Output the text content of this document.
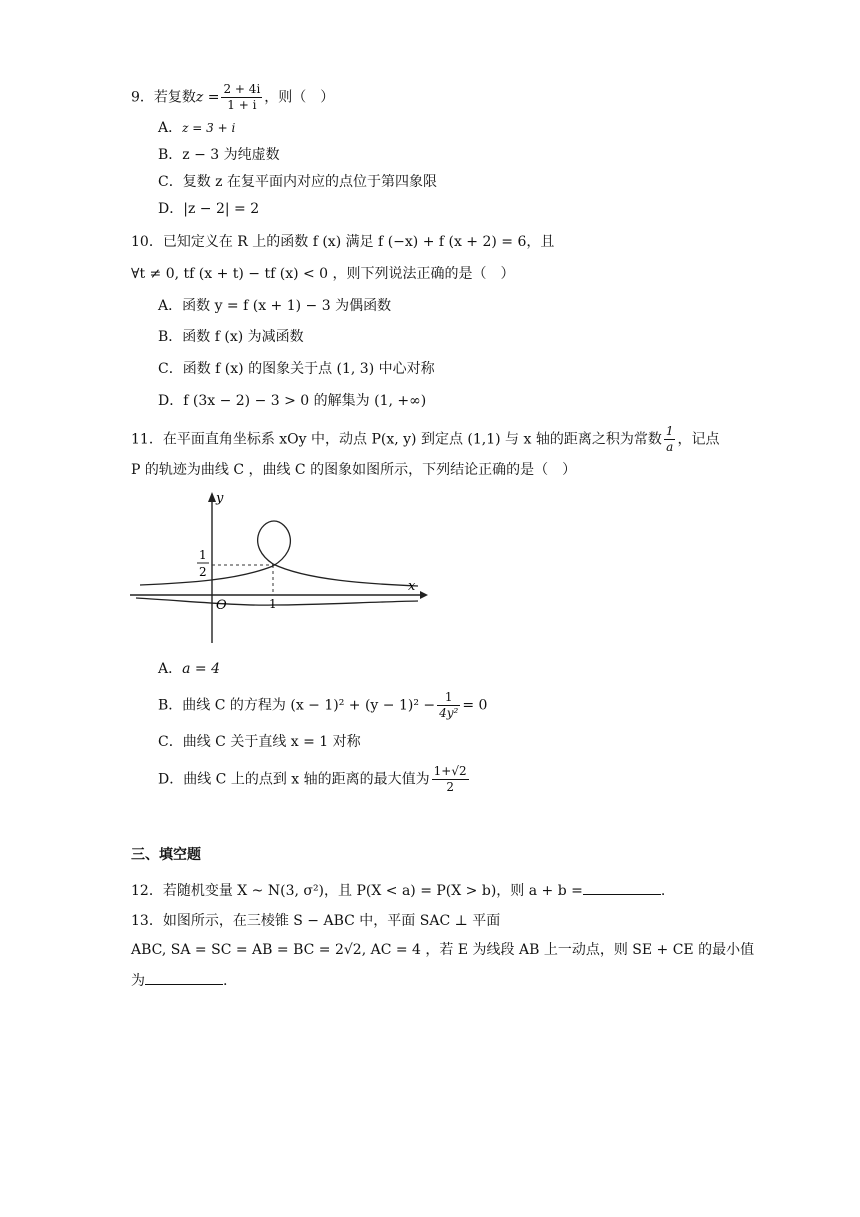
9．若复数$z = \frac{2 + 4i}{1 + i}$ ，则（　）
A．z = 3 + i
B．z − 3 为纯虚数
C．复数 z 在复平面内对应的点位于第四象限
D．|z − 2| = 2
10．已知定义在 R 上的函数 f (x) 满足 f (−x) + f (x + 2) = 6，且
∀t ≠ 0, tf (x + t) − tf (x) < 0 ，则下列说法正确的是（　）
A．函数 y = f (x + 1) − 3 为偶函数
B．函数 f (x) 为减函数
C．函数 f (x) 的图象关于点 (1, 3) 中心对称
D．f (3x − 2) − 3 > 0 的解集为 (1, +∞)
11．在平面直角坐标系 xOy 中，动点 P(x, y) 到定点 (1,1) 与 x 轴的距离之积为常数 $\frac{1}{a}$ ，记点
P 的轨迹为曲线 C ，曲线 C 的图象如图所示，下列结论正确的是（　）
y
x
O	1
1
2
A．a = 4
B．曲线 C 的方程为 $(x - 1)^2 + (y - 1)^2 - \frac{1}{\text{4y²}} = 0$
C．曲线 C 关于直线 x = 1 对称
D．曲线 C 上的点到 x 轴的距离的最大值为 $\frac{1+√2}{2}$
三、填空题
12．若随机变量 X ~ N(3, σ²)，且 P(X < a) = P(X > b)，则 a + b =	.
13．如图所示，在三棱锥 S − ABC 中，平面 SAC ⊥ 平面
ABC, SA = SC = AB = BC = 2√2, AC = 4 ，若 E 为线段 AB 上一动点，则 SE + CE 的最小值
为	.
